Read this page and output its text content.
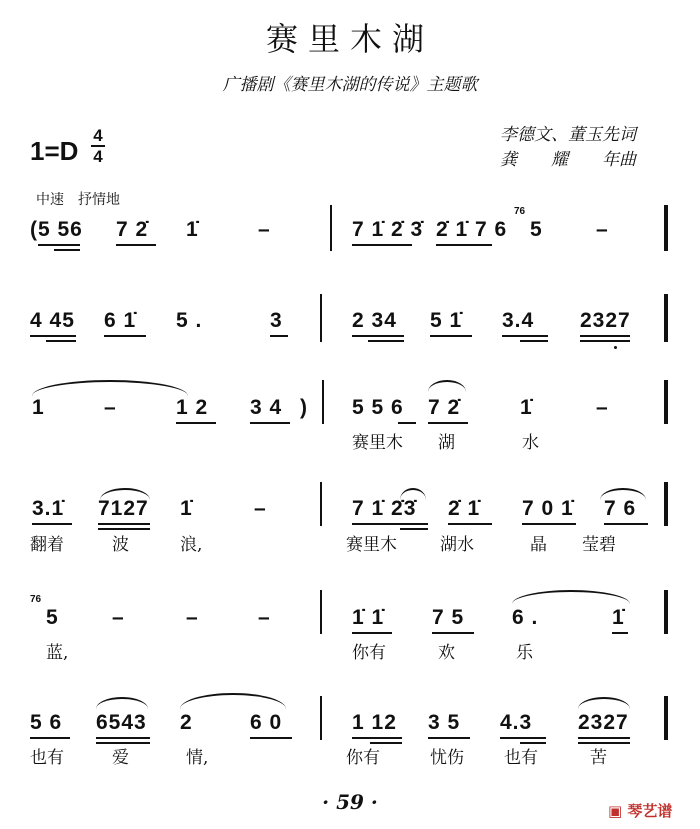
赛里木湖
广播剧《赛里木湖的传说》主题歌
1=D
4
4
李德文、董玉先词
龚　　耀　　年曲
中速　抒情地
(5 56 7 2̇ 1̇	–	7 1̇ 2̇ 3̇ 2̇ 1̇ 7 6
76
5	–
4 45 6 1̇ 5 .	3	2 34 5 1̇ 3.4 2327
1	–	1 2 3 4 ) 5 5 6 7 2̇	1̇	–
赛里木 湖	水
3.1̇ 7127 1̇	–	7 1̇ 2̇3̇ 2̇ 1̇ 7 0 1̇ 7 6
翻着	波	浪,	赛里木	湖水	晶 莹碧
76
5	–	–	–	1̇ 1̇ 7 5 6 .	1̇
蓝,	你有	欢	乐
5 6 6543 2	6 0	1 12 3 5 4.3 2327
也有	爱	情,	你有	忧伤 也有	苦
· 59 ·	▣ 琴艺谱
